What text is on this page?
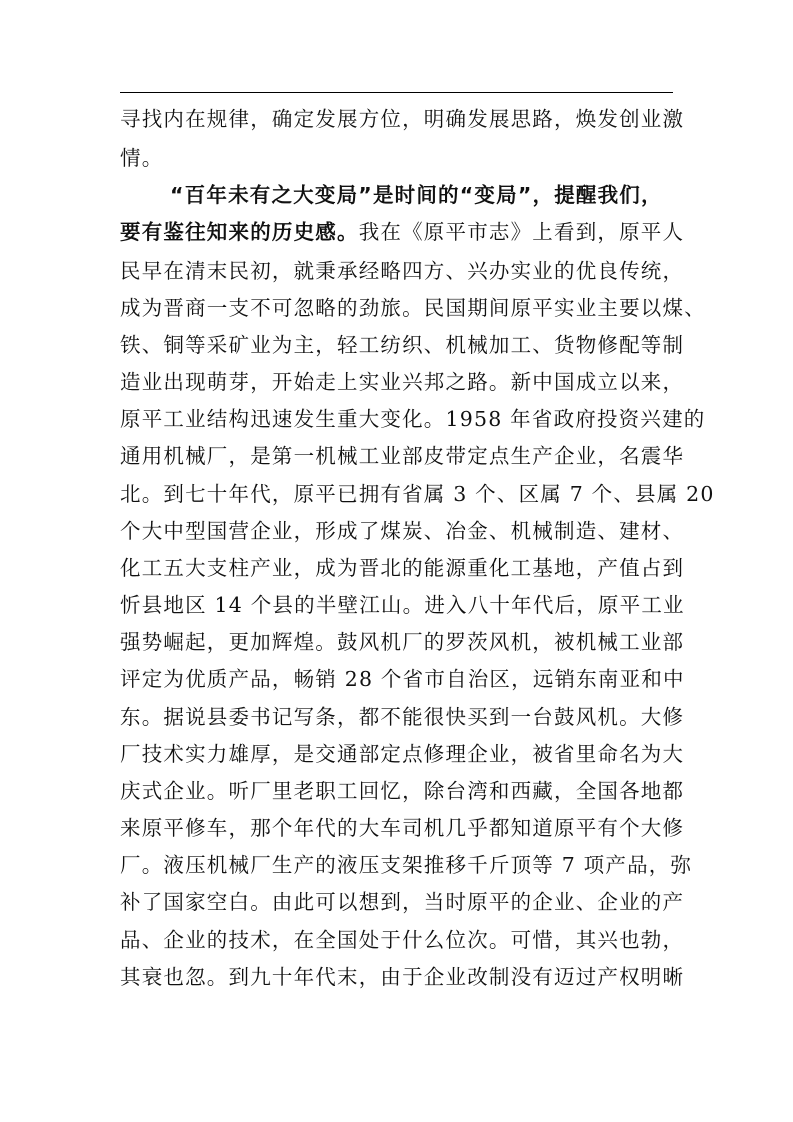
寻找内在规律，确定发展方位，明确发展思路，焕发创业激
情。
“百年未有之大变局”是时间的“变局”，提醒我们，
要有鉴往知来的历史感。我在《原平市志》上看到，原平人
民早在清末民初，就秉承经略四方、兴办实业的优良传统，
成为晋商一支不可忽略的劲旅。民国期间原平实业主要以煤、
铁、铜等采矿业为主，轻工纺织、机械加工、货物修配等制
造业出现萌芽，开始走上实业兴邦之路。新中国成立以来，
原平工业结构迅速发生重大变化。1958 年省政府投资兴建的
通用机械厂，是第一机械工业部皮带定点生产企业，名震华
北。到七十年代，原平已拥有省属 3 个、区属 7 个、县属 20
个大中型国营企业，形成了煤炭、冶金、机械制造、建材、
化工五大支柱产业，成为晋北的能源重化工基地，产值占到
忻县地区 14 个县的半壁江山。进入八十年代后，原平工业
强势崛起，更加辉煌。鼓风机厂的罗茨风机，被机械工业部
评定为优质产品，畅销 28 个省市自治区，远销东南亚和中
东。据说县委书记写条，都不能很快买到一台鼓风机。大修
厂技术实力雄厚，是交通部定点修理企业，被省里命名为大
庆式企业。听厂里老职工回忆，除台湾和西藏，全国各地都
来原平修车，那个年代的大车司机几乎都知道原平有个大修
厂。液压机械厂生产的液压支架推移千斤顶等 7 项产品，弥
补了国家空白。由此可以想到，当时原平的企业、企业的产
品、企业的技术，在全国处于什么位次。可惜，其兴也勃，
其衰也忽。到九十年代末，由于企业改制没有迈过产权明晰
